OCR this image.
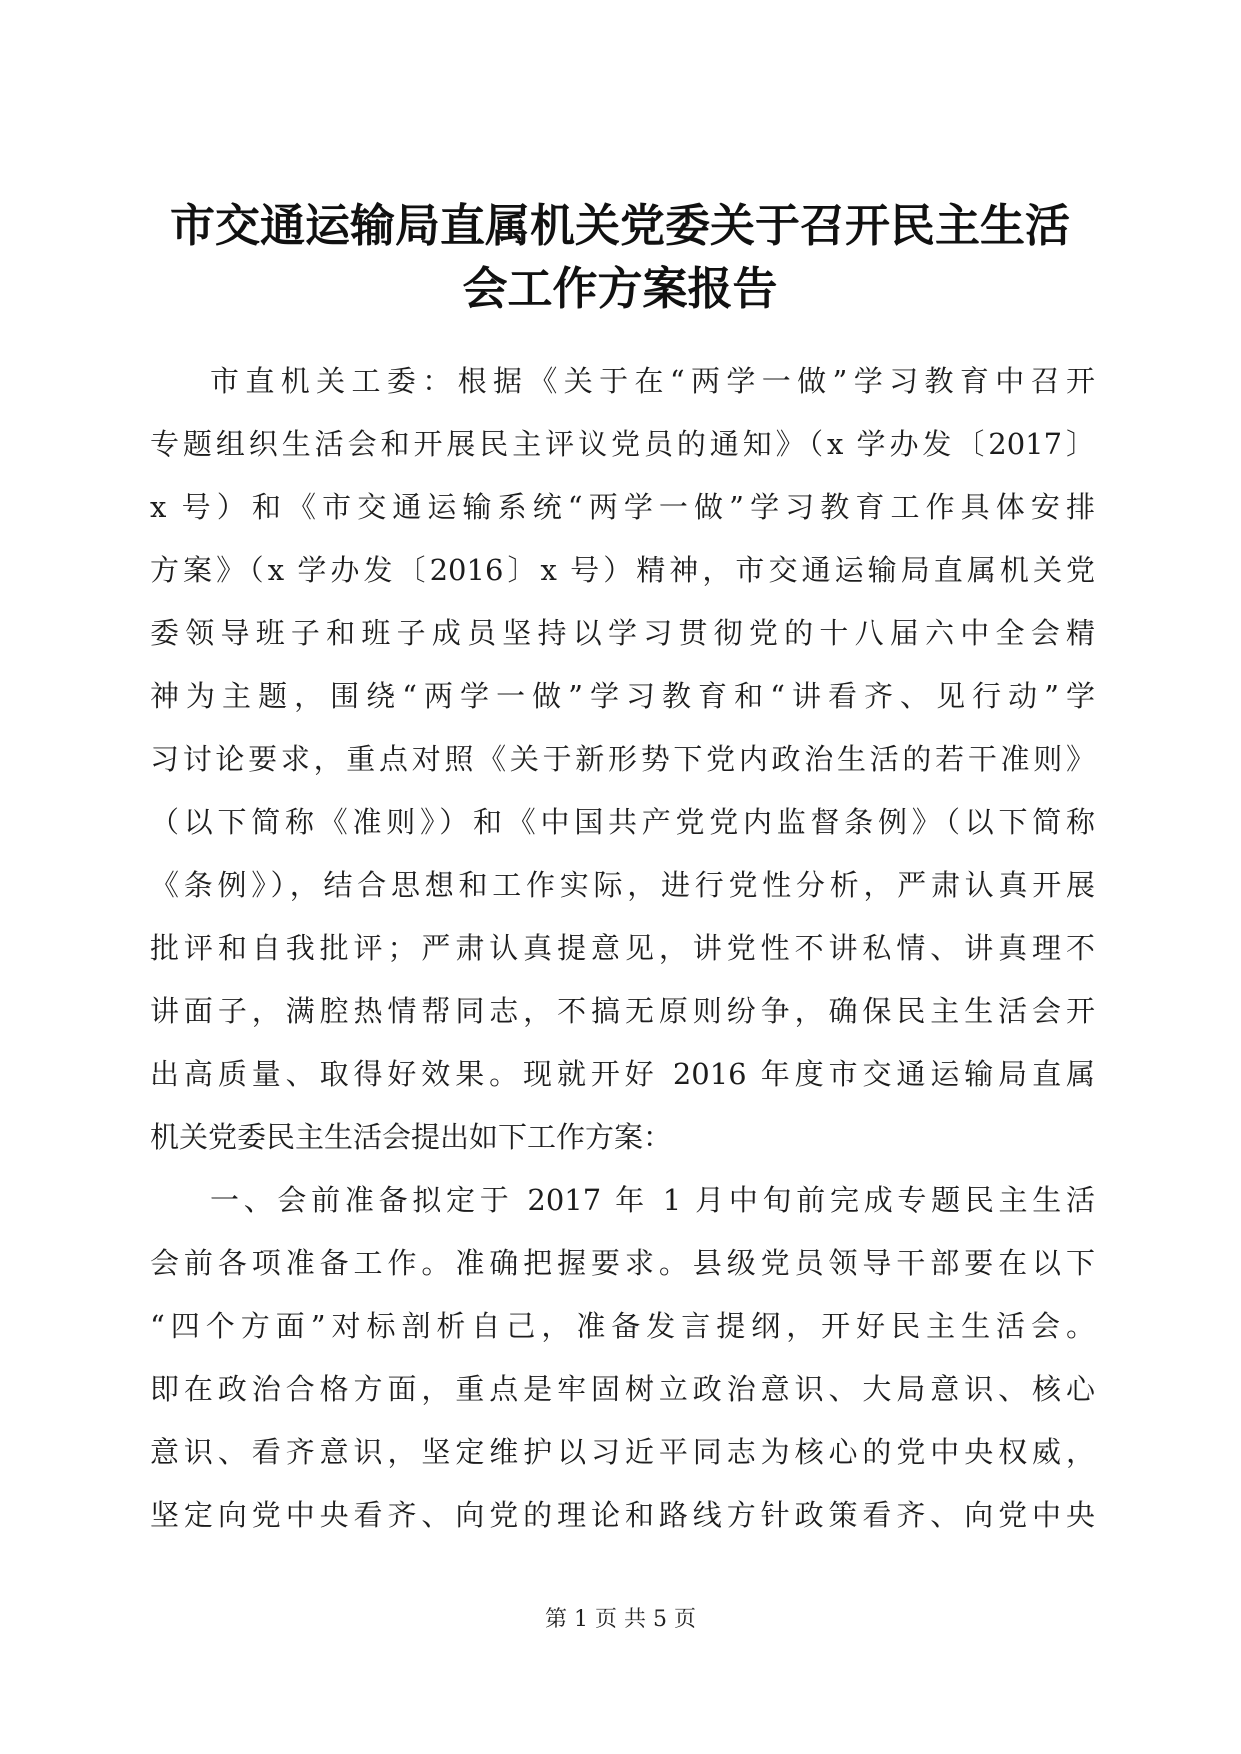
市交通运输局直属机关党委关于召开民主生活
会工作方案报告
市直机关工委：根据《关于在“两学一做”学习教育中召开
专题组织生活会和开展民主评议党员的通知》（x 学办发〔2017〕
x 号）和《市交通运输系统“两学一做”学习教育工作具体安排
方案》（x 学办发〔2016〕x 号）精神，市交通运输局直属机关党
委领导班子和班子成员坚持以学习贯彻党的十八届六中全会精
神为主题，围绕“两学一做”学习教育和“讲看齐、见行动”学
习讨论要求，重点对照《关于新形势下党内政治生活的若干准则》
（以下简称《准则》）和《中国共产党党内监督条例》（以下简称
《条例》），结合思想和工作实际，进行党性分析，严肃认真开展
批评和自我批评；严肃认真提意见，讲党性不讲私情、讲真理不
讲面子，满腔热情帮同志，不搞无原则纷争，确保民主生活会开
出高质量、取得好效果。现就开好 2016 年度市交通运输局直属
机关党委民主生活会提出如下工作方案：
一、会前准备拟定于 2017 年 1 月中旬前完成专题民主生活
会前各项准备工作。准确把握要求。县级党员领导干部要在以下
“四个方面”对标剖析自己，准备发言提纲，开好民主生活会。
即在政治合格方面，重点是牢固树立政治意识、大局意识、核心
意识、看齐意识，坚定维护以习近平同志为核心的党中央权威，
坚定向党中央看齐、向党的理论和路线方针政策看齐、向党中央
第 1 页 共 5 页
